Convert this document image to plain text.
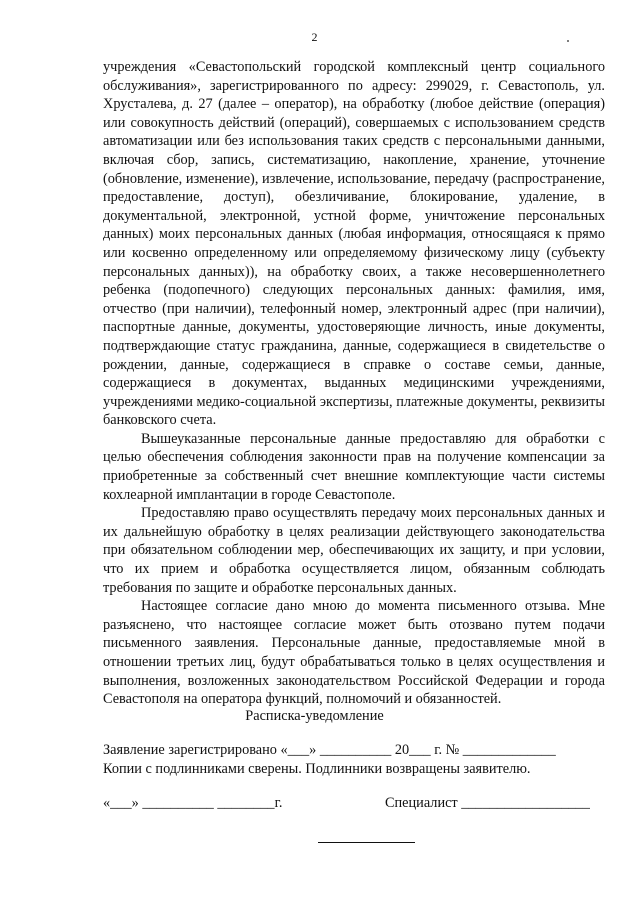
2

учреждения «Севастопольский городской комплексный центр социального обслуживания», зарегистрированного по адресу: 299029, г. Севастополь, ул. Хрусталева, д. 27 (далее – оператор), на обработку (любое действие (операция) или совокупность действий (операций), совершаемых с использованием средств автоматизации или без использования таких средств с персональными данными, включая сбор, запись, систематизацию, накопление, хранение, уточнение (обновление, изменение), извлечение, использование, передачу (распространение, предоставление, доступ), обезличивание, блокирование, удаление, в документальной, электронной, устной форме, уничтожение персональных данных) моих персональных данных (любая информация, относящаяся к прямо или косвенно определенному или определяемому физическому лицу (субъекту персональных данных)), на обработку своих, а также несовершеннолетнего ребенка (подопечного) следующих персональных данных: фамилия, имя, отчество (при наличии), телефонный номер, электронный адрес (при наличии), паспортные данные, документы, удостоверяющие личность, иные документы, подтверждающие статус гражданина, данные, содержащиеся в свидетельстве о рождении, данные, содержащиеся в справке о составе семьи, данные, содержащиеся в документах, выданных медицинскими учреждениями, учреждениями медико-социальной экспертизы, платежные документы, реквизиты банковского счета.

Вышеуказанные персональные данные предоставляю для обработки с целью обеспечения соблюдения законности прав на получение компенсации за приобретенные за собственный счет внешние комплектующие части системы кохлеарной имплантации в городе Севастополе.

Предоставляю право осуществлять передачу моих персональных данных и их дальнейшую обработку в целях реализации действующего законодательства при обязательном соблюдении мер, обеспечивающих их защиту, и при условии, что их прием и обработка осуществляется лицом, обязанным соблюдать требования по защите и обработке персональных данных.

Настоящее согласие дано мною до момента письменного отзыва. Мне разъяснено, что настоящее согласие может быть отозвано путем подачи письменного заявления. Персональные данные, предоставляемые мной в отношении третьих лиц, будут обрабатываться только в целях осуществления и выполнения, возложенных законодательством Российской Федерации и города Севастополя на оператора функций, полномочий и обязанностей.

Расписка-уведомление
Заявление зарегистрировано «___» __________ 20___ г. № _____________
Копии с подлинниками сверены. Подлинники возвращены заявителю.
«___» __________ ________г.	Специалист __________________
